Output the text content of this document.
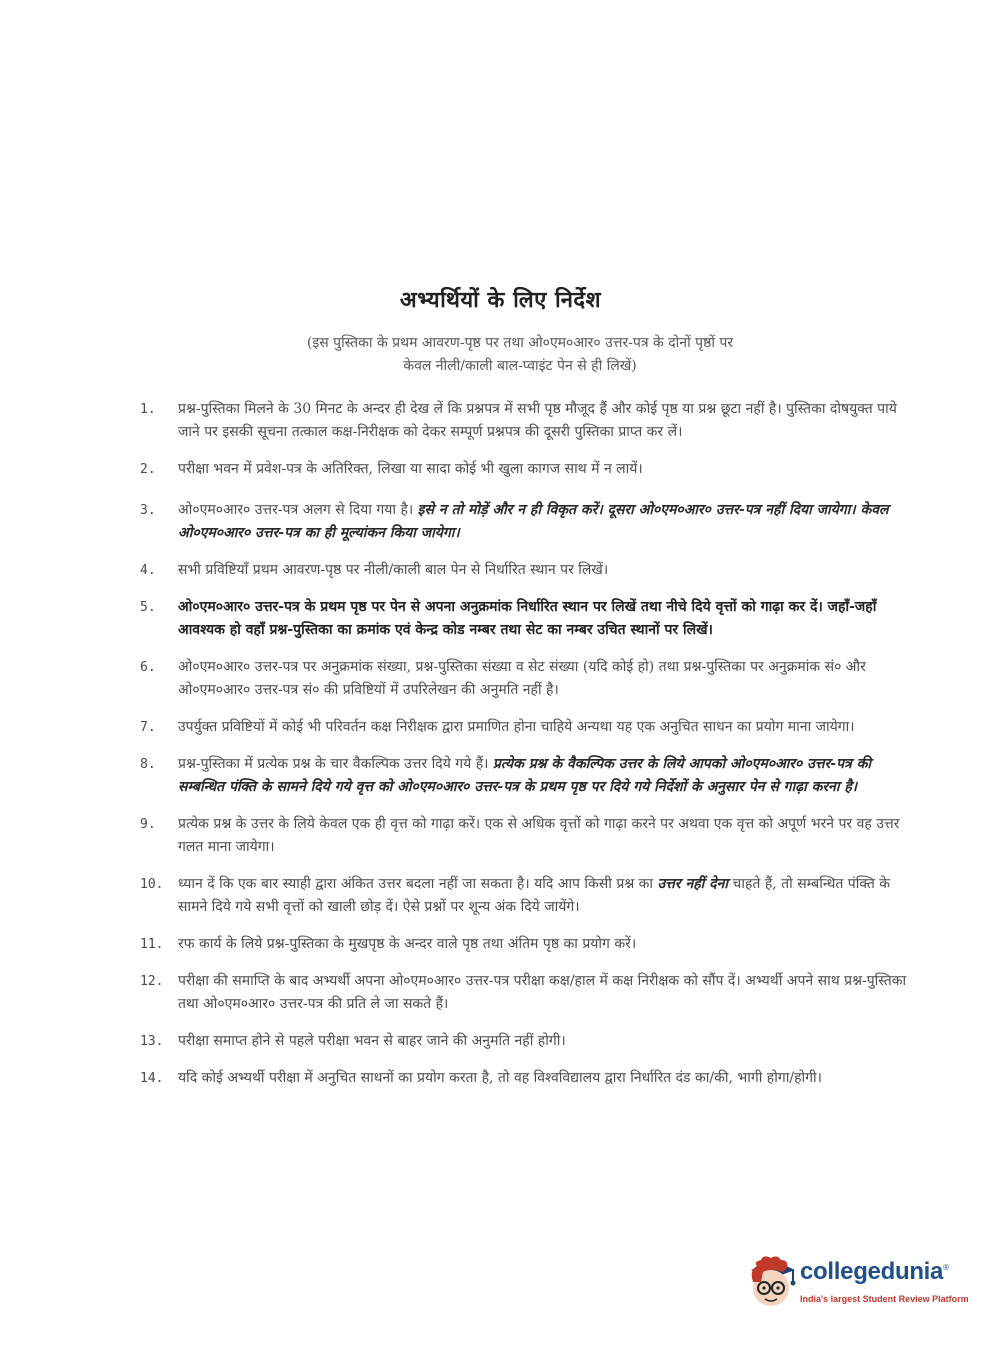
अभ्यर्थियों के लिए निर्देश
(इस पुस्तिका के प्रथम आवरण-पृष्ठ पर तथा ओ०एम०आर० उत्तर-पत्र के दोनों पृष्ठों पर
केवल नीली/काली बाल-प्वाइंट पेन से ही लिखें)
1.	प्रश्न-पुस्तिका मिलने के 30 मिनट के अन्दर ही देख लें कि प्रश्नपत्र में सभी पृष्ठ मौजूद हैं और कोई पृष्ठ या प्रश्न छूटा नहीं है। पुस्तिका दोषयुक्त पाये जाने पर इसकी सूचना तत्काल कक्ष-निरीक्षक को देकर सम्पूर्ण प्रश्नपत्र की दूसरी पुस्तिका प्राप्त कर लें।
2.	परीक्षा भवन में प्रवेश-पत्र के अतिरिक्त, लिखा या सादा कोई भी खुला कागज साथ में न लायें।
3.	ओ०एम०आर० उत्तर-पत्र अलग से दिया गया है। इसे न तो मोड़ें और न ही विकृत करें। दूसरा ओ०एम०आर० उत्तर-पत्र नहीं दिया जायेगा। केवल ओ०एम०आर० उत्तर-पत्र का ही मूल्यांकन किया जायेगा।
4.	सभी प्रविष्टियाँ प्रथम आवरण-पृष्ठ पर नीली/काली बाल पेन से निर्धारित स्थान पर लिखें।
5.	ओ०एम०आर० उत्तर-पत्र के प्रथम पृष्ठ पर पेन से अपना अनुक्रमांक निर्धारित स्थान पर लिखें तथा नीचे दिये वृत्तों को गाढ़ा कर दें। जहाँ-जहाँ आवश्यक हो वहाँ प्रश्न-पुस्तिका का क्रमांक एवं केन्द्र कोड नम्बर तथा सेट का नम्बर उचित स्थानों पर लिखें।
6.	ओ०एम०आर० उत्तर-पत्र पर अनुक्रमांक संख्या, प्रश्न-पुस्तिका संख्या व सेट संख्या (यदि कोई हो) तथा प्रश्न-पुस्तिका पर अनुक्रमांक सं० और ओ०एम०आर० उत्तर-पत्र सं० की प्रविष्टियों में उपरिलेखन की अनुमति नहीं है।
7.	उपर्युक्त प्रविष्टियों में कोई भी परिवर्तन कक्ष निरीक्षक द्वारा प्रमाणित होना चाहिये अन्यथा यह एक अनुचित साधन का प्रयोग माना जायेगा।
8.	प्रश्न-पुस्तिका में प्रत्येक प्रश्न के चार वैकल्पिक उत्तर दिये गये हैं। प्रत्येक प्रश्न के वैकल्पिक उत्तर के लिये आपको ओ०एम०आर० उत्तर-पत्र की सम्बन्धित पंक्ति के सामने दिये गये वृत्त को ओ०एम०आर० उत्तर-पत्र के प्रथम पृष्ठ पर दिये गये निर्देशों के अनुसार पेन से गाढ़ा करना है।
9.	प्रत्येक प्रश्न के उत्तर के लिये केवल एक ही वृत्त को गाढ़ा करें। एक से अधिक वृत्तों को गाढ़ा करने पर अथवा एक वृत्त को अपूर्ण भरने पर वह उत्तर गलत माना जायेगा।
10.	ध्यान दें कि एक बार स्याही द्वारा अंकित उत्तर बदला नहीं जा सकता है। यदि आप किसी प्रश्न का उत्तर नहीं देना चाहते हैं, तो सम्बन्धित पंक्ति के सामने दिये गये सभी वृत्तों को खाली छोड़ दें। ऐसे प्रश्नों पर शून्य अंक दिये जायेंगे।
11.	रफ कार्य के लिये प्रश्न-पुस्तिका के मुखपृष्ठ के अन्दर वाले पृष्ठ तथा अंतिम पृष्ठ का प्रयोग करें।
12.	परीक्षा की समाप्ति के बाद अभ्यर्थी अपना ओ०एम०आर० उत्तर-पत्र परीक्षा कक्ष/हाल में कक्ष निरीक्षक को सौंप दें। अभ्यर्थी अपने साथ प्रश्न-पुस्तिका तथा ओ०एम०आर० उत्तर-पत्र की प्रति ले जा सकते हैं।
13.	परीक्षा समाप्त होने से पहले परीक्षा भवन से बाहर जाने की अनुमति नहीं होगी।
14.	यदि कोई अभ्यर्थी परीक्षा में अनुचित साधनों का प्रयोग करता है, तो वह विश्वविद्यालय द्वारा निर्धारित दंड का/की, भागी होगा/होगी।
collegedunia®
India's largest Student Review Platform
